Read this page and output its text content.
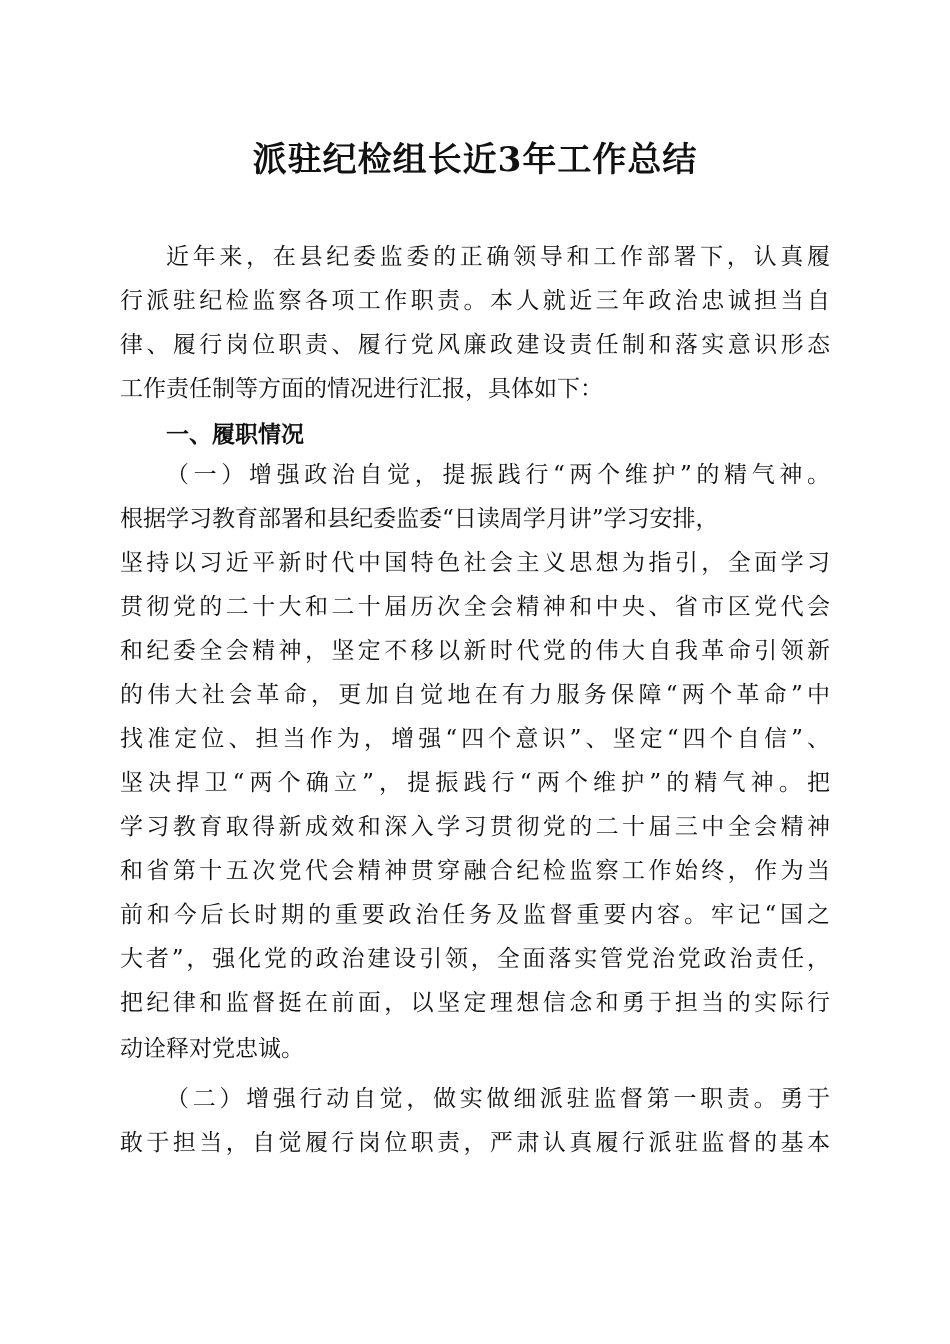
派驻纪检组长近3年工作总结
近年来，在县纪委监委的正确领导和工作部署下，认真履
行派驻纪检监察各项工作职责。本人就近三年政治忠诚担当自
律、履行岗位职责、履行党风廉政建设责任制和落实意识形态
工作责任制等方面的情况进行汇报，具体如下：
一、履职情况
（一）增强政治自觉，提振践行“两个维护”的精气神。
根据学习教育部署和县纪委监委“日读周学月讲”学习安排，
坚持以习近平新时代中国特色社会主义思想为指引，全面学习
贯彻党的二十大和二十届历次全会精神和中央、省市区党代会
和纪委全会精神，坚定不移以新时代党的伟大自我革命引领新
的伟大社会革命，更加自觉地在有力服务保障“两个革命”中
找准定位、担当作为，增强“四个意识”、坚定“四个自信”、
坚决捍卫“两个确立”，提振践行“两个维护”的精气神。把
学习教育取得新成效和深入学习贯彻党的二十届三中全会精神
和省第十五次党代会精神贯穿融合纪检监察工作始终，作为当
前和今后长时期的重要政治任务及监督重要内容。牢记“国之
大者”，强化党的政治建设引领，全面落实管党治党政治责任，
把纪律和监督挺在前面，以坚定理想信念和勇于担当的实际行
动诠释对党忠诚。
（二）增强行动自觉，做实做细派驻监督第一职责。勇于
敢于担当，自觉履行岗位职责，严肃认真履行派驻监督的基本
